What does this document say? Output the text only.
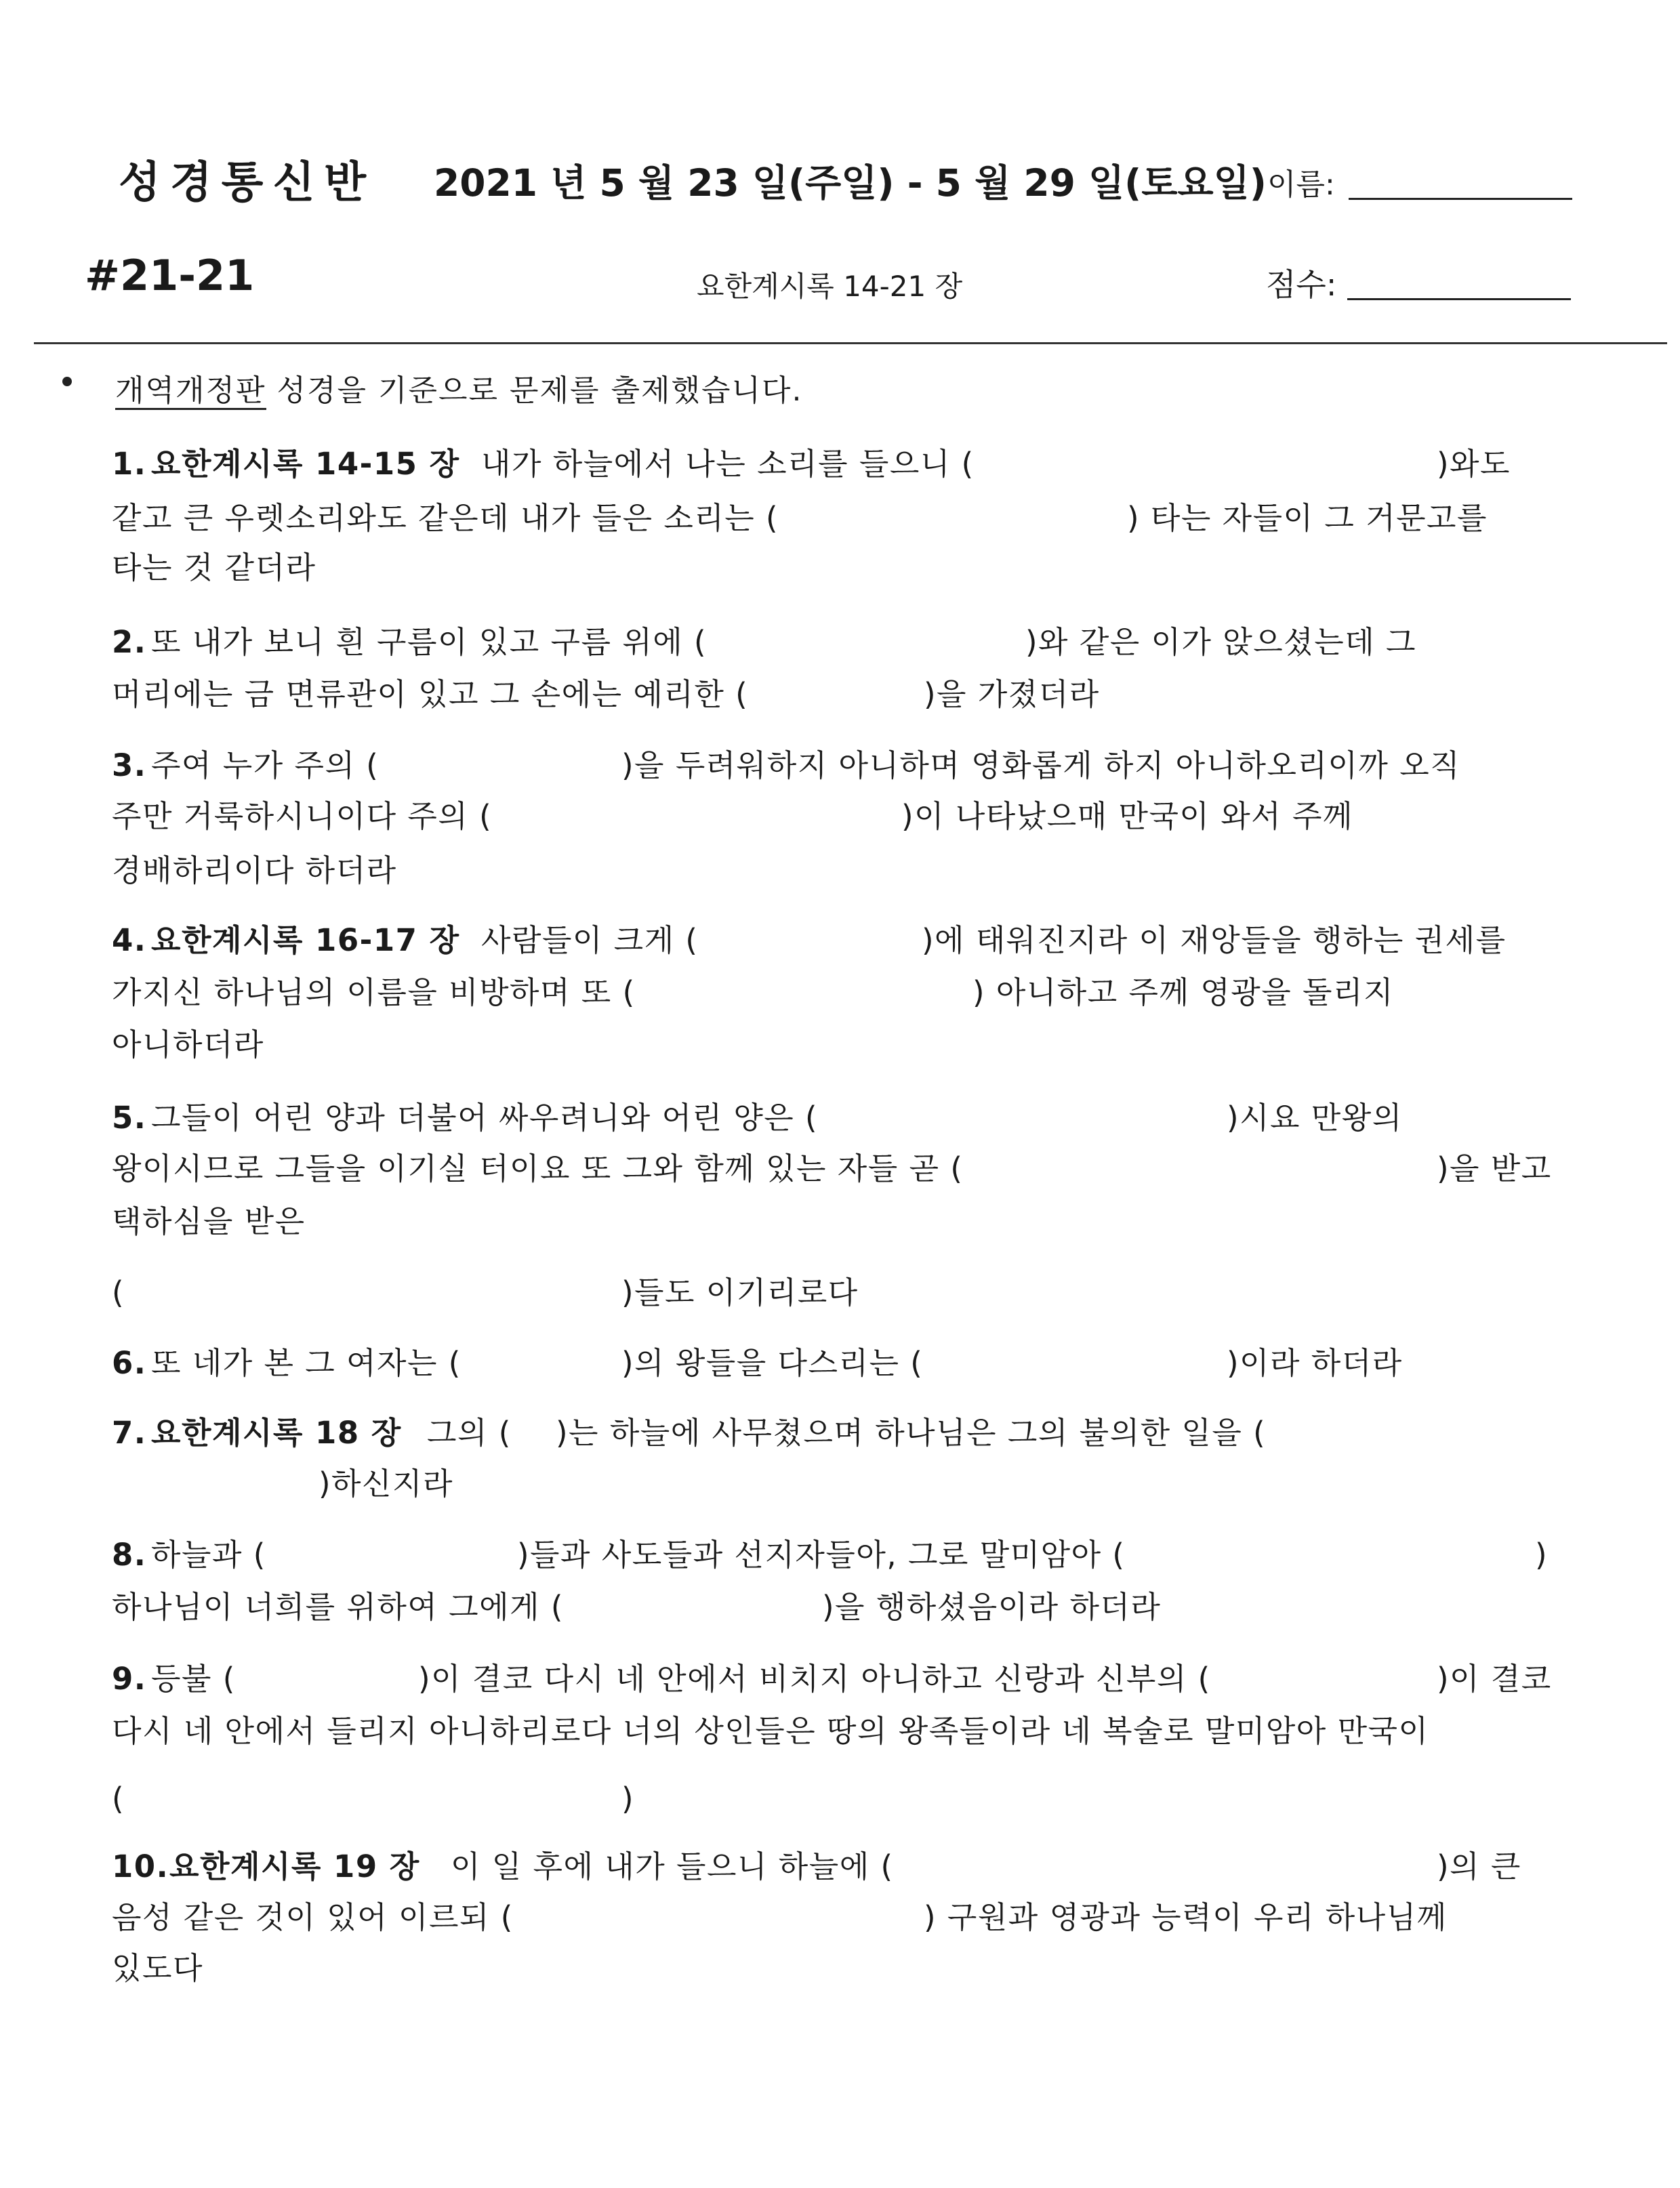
성경통신반 2021 년 5 월 23 일(주일) - 5 월 29 일(토요일) 이름:
#21-21	요한계시록 14-21 장	점수:
개역개정판 성경을 기준으로 문제를 출제했습니다.
1. 요한계시록 14-15 장 내가 하늘에서 나는 소리를 들으니 (	)와도
같고 큰 우렛소리와도 같은데 내가 들은 소리는 (	) 타는 자들이 그 거문고를
타는 것 같더라
2. 또 내가 보니 흰 구름이 있고 구름 위에 (	)와 같은 이가 앉으셨는데 그
머리에는 금 면류관이 있고 그 손에는 예리한 (	)을 가졌더라
3. 주여 누가 주의 (	)을 두려워하지 아니하며 영화롭게 하지 아니하오리이까 오직
주만 거룩하시니이다 주의 (	)이 나타났으매 만국이 와서 주께
경배하리이다 하더라
4. 요한계시록 16-17 장 사람들이 크게 (	)에 태워진지라 이 재앙들을 행하는 권세를
가지신 하나님의 이름을 비방하며 또 (	) 아니하고 주께 영광을 돌리지
아니하더라
5. 그들이 어린 양과 더불어 싸우려니와 어린 양은 (	)시요 만왕의
왕이시므로 그들을 이기실 터이요 또 그와 함께 있는 자들 곧 (	)을 받고
택하심을 받은
(	)들도 이기리로다
6. 또 네가 본 그 여자는 (	)의 왕들을 다스리는 (	)이라 하더라
7. 요한계시록 18 장 그의 ( )는 하늘에 사무쳤으며 하나님은 그의 불의한 일을 (
)하신지라
8. 하늘과 (	)들과 사도들과 선지자들아, 그로 말미암아 (	)
하나님이 너희를 위하여 그에게 (	)을 행하셨음이라 하더라
9. 등불 (	)이 결코 다시 네 안에서 비치지 아니하고 신랑과 신부의 (	)이 결코
다시 네 안에서 들리지 아니하리로다 너의 상인들은 땅의 왕족들이라 네 복술로 말미암아 만국이
(	)
10. 요한계시록 19 장 이 일 후에 내가 들으니 하늘에 (	)의 큰
음성 같은 것이 있어 이르되 (	) 구원과 영광과 능력이 우리 하나님께
있도다
